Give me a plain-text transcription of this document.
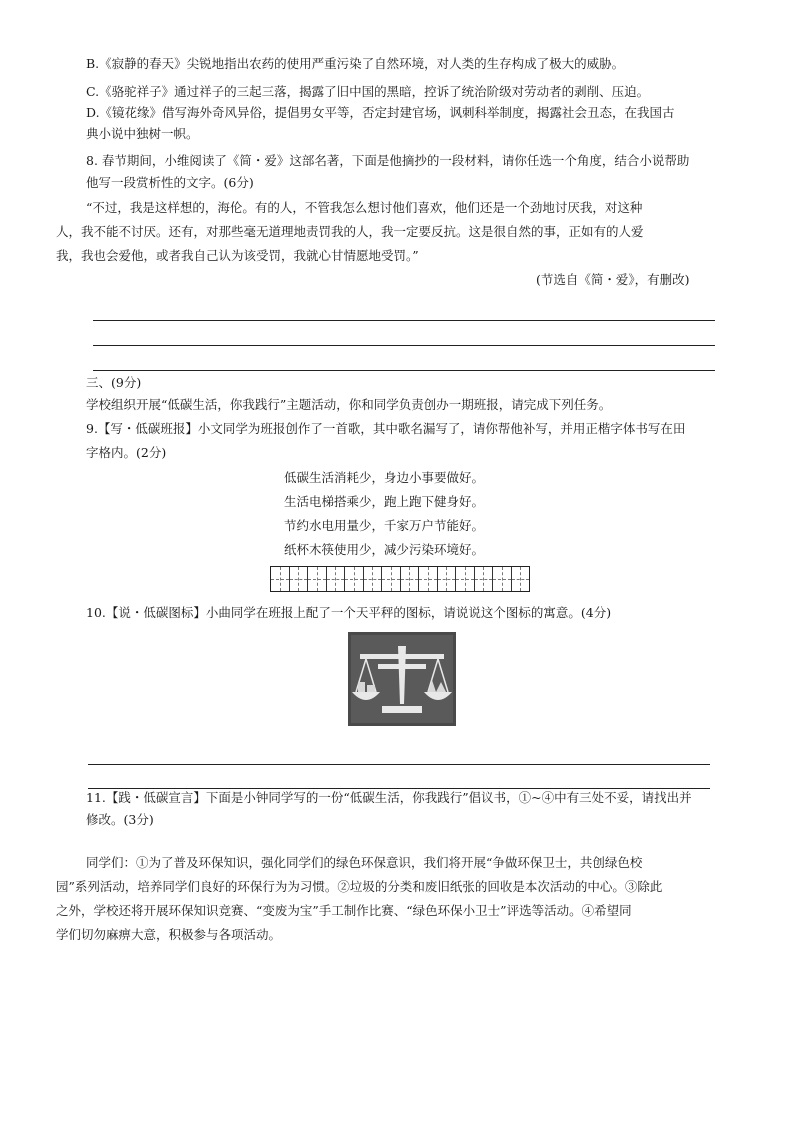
B.《寂静的春天》尖锐地指出农药的使用严重污染了自然环境，对人类的生存构成了极大的威胁。
C.《骆驼祥子》通过祥子的三起三落，揭露了旧中国的黑暗，控诉了统治阶级对劳动者的剥削、压迫。
D.《镜花缘》借写海外奇风异俗，提倡男女平等，否定封建官场，讽刺科举制度，揭露社会丑态，在我国古
典小说中独树一帜。
8. 春节期间，小维阅读了《简・爱》这部名著，下面是他摘抄的一段材料，请你任选一个角度，结合小说帮助
他写一段赏析性的文字。(6分)
“不过，我是这样想的，海伦。有的人，不管我怎么想讨他们喜欢，他们还是一个劲地讨厌我，对这种
人，我不能不讨厌。还有，对那些毫无道理地责罚我的人，我一定要反抗。这是很自然的事，正如有的人爱
我，我也会爱他，或者我自己认为该受罚，我就心甘情愿地受罚。”
(节选自《简・爱》，有删改)
三、(9分)
学校组织开展“低碳生活，你我践行”主题活动，你和同学负责创办一期班报，请完成下列任务。
9.【写・低碳班报】小文同学为班报创作了一首歌，其中歌名漏写了，请你帮他补写，并用正楷字体书写在田
字格内。(2分)
低碳生活消耗少，身边小事要做好。
生活电梯搭乘少，跑上跑下健身好。
节约水电用量少，千家万户节能好。
纸杯木筷使用少，减少污染环境好。
10.【说・低碳图标】小曲同学在班报上配了一个天平秤的图标，请说说这个图标的寓意。(4分)
11.【践・低碳宣言】下面是小钟同学写的一份“低碳生活，你我践行”倡议书，①~④中有三处不妥，请找出并
修改。(3分)
同学们：①为了普及环保知识，强化同学们的绿色环保意识，我们将开展“争做环保卫士，共创绿色校
园”系列活动，培养同学们良好的环保行为为习惯。②垃圾的分类和废旧纸张的回收是本次活动的中心。③除此
之外，学校还将开展环保知识竞赛、“变废为宝”手工制作比赛、“绿色环保小卫士”评选等活动。④希望同
学们切勿麻痹大意，积极参与各项活动。
